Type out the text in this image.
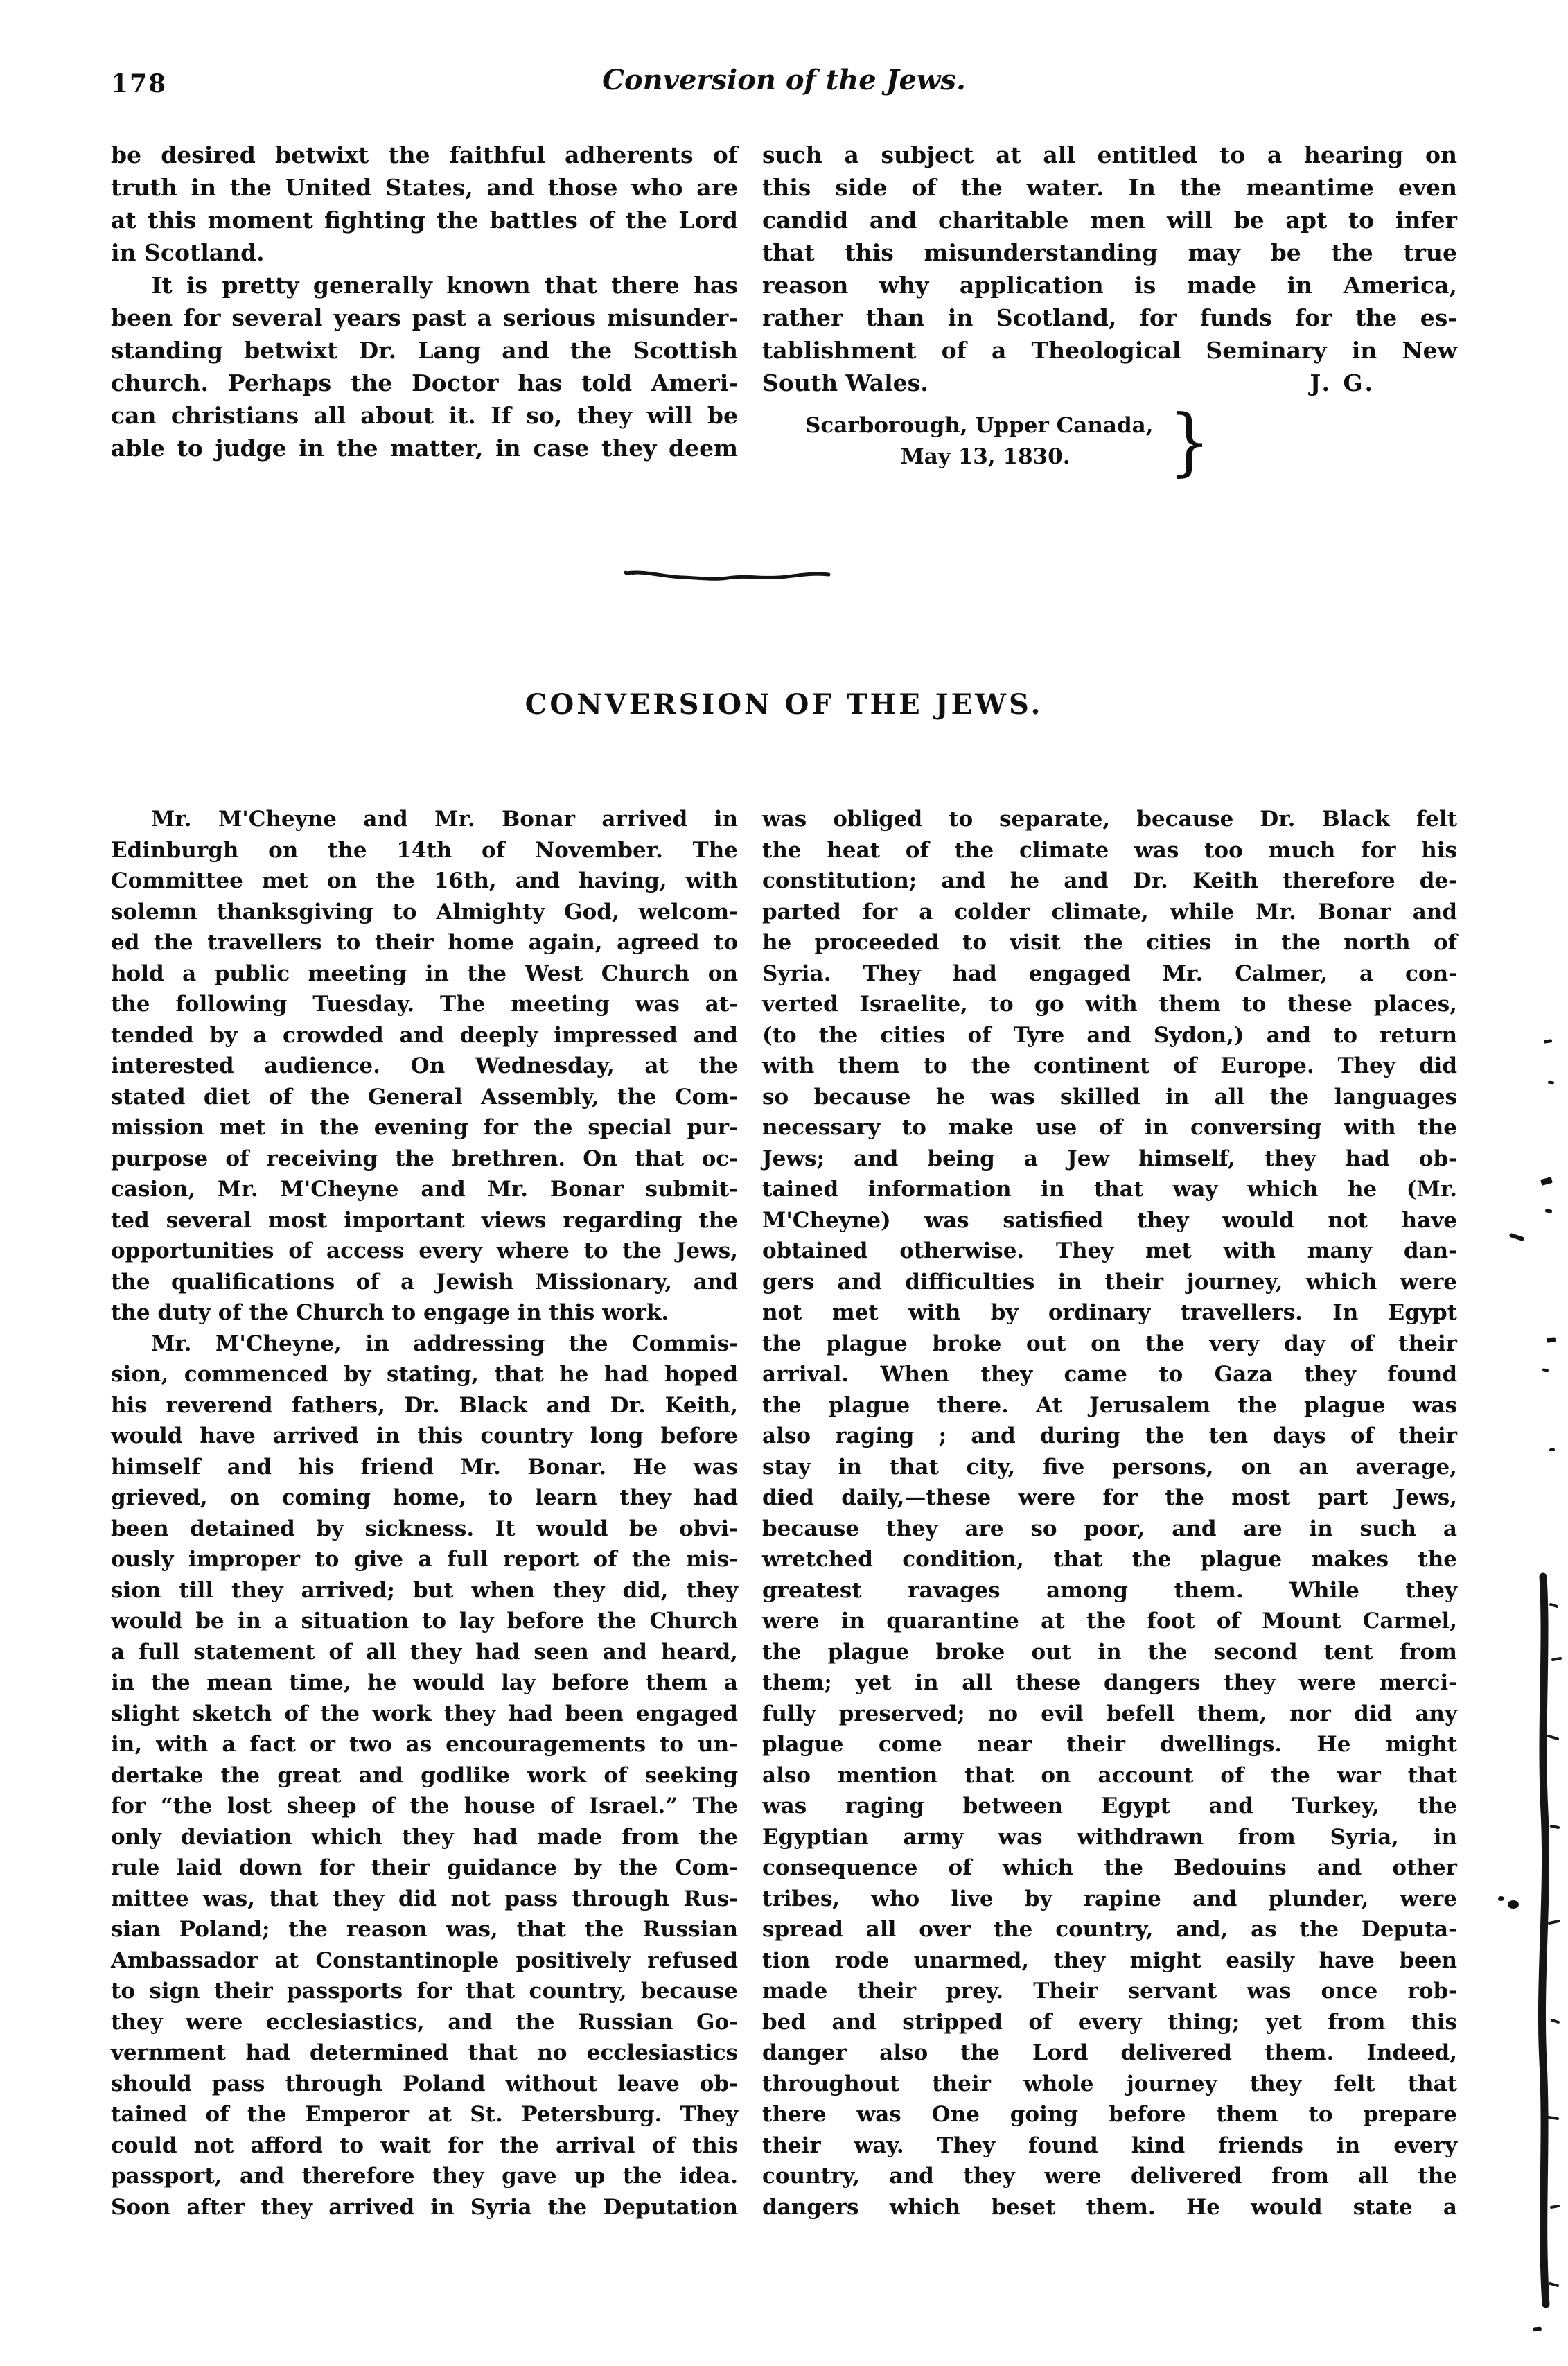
178	Conversion of the Jews.
be desired betwixt the faithful adherents of
truth in the United States, and those who are
at this moment fighting the battles of the Lord
in Scotland.
It is pretty generally known that there has
been for several years past a serious misunder-
standing betwixt Dr. Lang and the Scottish
church. Perhaps the Doctor has told Ameri-
can christians all about it. If so, they will be
able to judge in the matter, in case they deem
such a subject at all entitled to a hearing on
this side of the water. In the meantime even
candid and charitable men will be apt to infer
that this misunderstanding may be the true
reason why application is made in America,
rather than in Scotland, for funds for the es-
tablishment of a Theological Seminary in New
South Wales.	J. G.
Scarborough, Upper Canada,
May 13, 1830.	}
CONVERSION OF THE JEWS.
Mr. M'Cheyne and Mr. Bonar arrived in
Edinburgh on the 14th of November. The
Committee met on the 16th, and having, with
solemn thanksgiving to Almighty God, welcom-
ed the travellers to their home again, agreed to
hold a public meeting in the West Church on
the following Tuesday. The meeting was at-
tended by a crowded and deeply impressed and
interested audience. On Wednesday, at the
stated diet of the General Assembly, the Com-
mission met in the evening for the special pur-
purpose of receiving the brethren. On that oc-
casion, Mr. M'Cheyne and Mr. Bonar submit-
ted several most important views regarding the
opportunities of access every where to the Jews,
the qualifications of a Jewish Missionary, and
the duty of the Church to engage in this work.
Mr. M'Cheyne, in addressing the Commis-
sion, commenced by stating, that he had hoped
his reverend fathers, Dr. Black and Dr. Keith,
would have arrived in this country long before
himself and his friend Mr. Bonar. He was
grieved, on coming home, to learn they had
been detained by sickness. It would be obvi-
ously improper to give a full report of the mis-
sion till they arrived; but when they did, they
would be in a situation to lay before the Church
a full statement of all they had seen and heard,
in the mean time, he would lay before them a
slight sketch of the work they had been engaged
in, with a fact or two as encouragements to un-
dertake the great and godlike work of seeking
for “the lost sheep of the house of Israel.” The
only deviation which they had made from the
rule laid down for their guidance by the Com-
mittee was, that they did not pass through Rus-
sian Poland; the reason was, that the Russian
Ambassador at Constantinople positively refused
to sign their passports for that country, because
they were ecclesiastics, and the Russian Go-
vernment had determined that no ecclesiastics
should pass through Poland without leave ob-
tained of the Emperor at St. Petersburg. They
could not afford to wait for the arrival of this
passport, and therefore they gave up the idea.
Soon after they arrived in Syria the Deputation
was obliged to separate, because Dr. Black felt
the heat of the climate was too much for his
constitution; and he and Dr. Keith therefore de-
parted for a colder climate, while Mr. Bonar and
he proceeded to visit the cities in the north of
Syria. They had engaged Mr. Calmer, a con-
verted Israelite, to go with them to these places,
(to the cities of Tyre and Sydon,) and to return
with them to the continent of Europe. They did
so because he was skilled in all the languages
necessary to make use of in conversing with the
Jews; and being a Jew himself, they had ob-
tained information in that way which he (Mr.
M'Cheyne) was satisfied they would not have
obtained otherwise. They met with many dan-
gers and difficulties in their journey, which were
not met with by ordinary travellers. In Egypt
the plague broke out on the very day of their
arrival. When they came to Gaza they found
the plague there. At Jerusalem the plague was
also raging ; and during the ten days of their
stay in that city, five persons, on an average,
died daily,—these were for the most part Jews,
because they are so poor, and are in such a
wretched condition, that the plague makes the
greatest ravages among them. While they
were in quarantine at the foot of Mount Carmel,
the plague broke out in the second tent from
them; yet in all these dangers they were merci-
fully preserved; no evil befell them, nor did any
plague come near their dwellings. He might
also mention that on account of the war that
was raging between Egypt and Turkey, the
Egyptian army was withdrawn from Syria, in
consequence of which the Bedouins and other
tribes, who live by rapine and plunder, were
spread all over the country, and, as the Deputa-
tion rode unarmed, they might easily have been
made their prey. Their servant was once rob-
bed and stripped of every thing; yet from this
danger also the Lord delivered them. Indeed,
throughout their whole journey they felt that
there was One going before them to prepare
their way. They found kind friends in every
country, and they were delivered from all the
dangers which beset them. He would state a
